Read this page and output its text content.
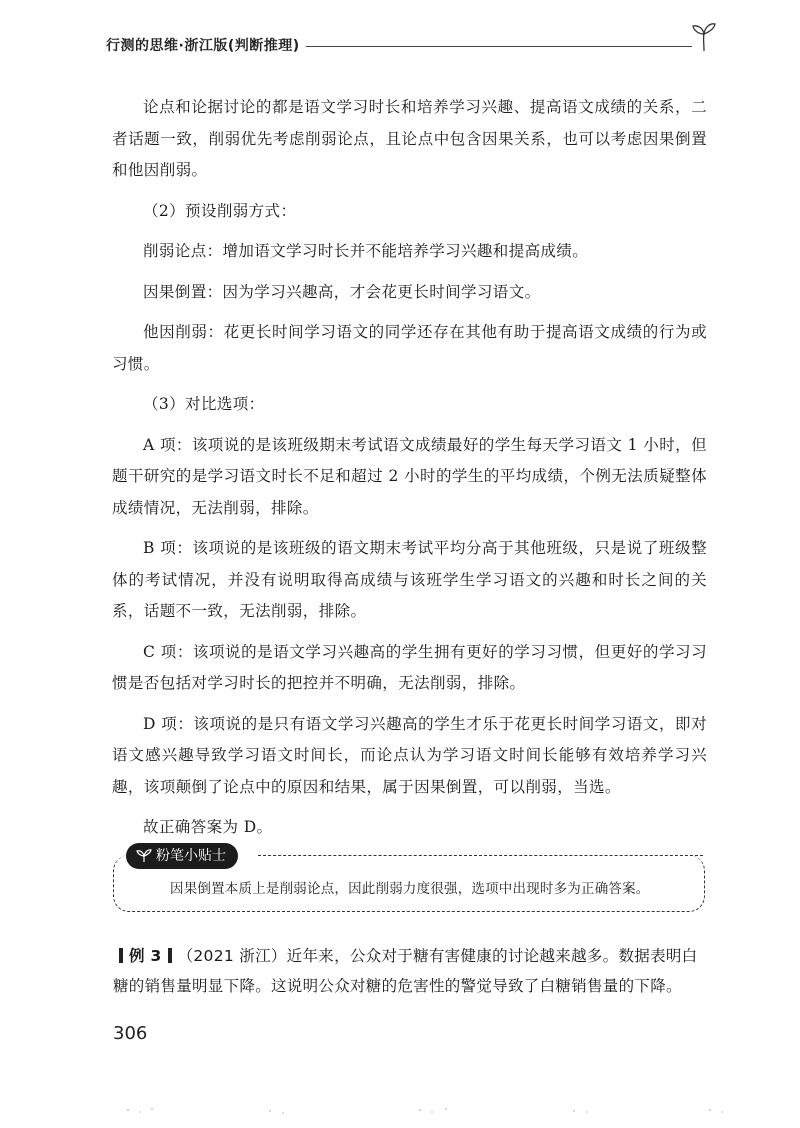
行测的思维·浙江版(判断推理)

论点和论据讨论的都是语文学习时长和培养学习兴趣、提高语文成绩的关系，二者话题一致，削弱优先考虑削弱论点，且论点中包含因果关系，也可以考虑因果倒置和他因削弱。

（2）预设削弱方式：

削弱论点：增加语文学习时长并不能培养学习兴趣和提高成绩。

因果倒置：因为学习兴趣高，才会花更长时间学习语文。

他因削弱：花更长时间学习语文的同学还存在其他有助于提高语文成绩的行为或习惯。

（3）对比选项：

A 项：该项说的是该班级期末考试语文成绩最好的学生每天学习语文 1 小时，但题干研究的是学习语文时长不足和超过 2 小时的学生的平均成绩，个例无法质疑整体成绩情况，无法削弱，排除。

B 项：该项说的是该班级的语文期末考试平均分高于其他班级，只是说了班级整体的考试情况，并没有说明取得高成绩与该班学生学习语文的兴趣和时长之间的关系，话题不一致，无法削弱，排除。

C 项：该项说的是语文学习兴趣高的学生拥有更好的学习习惯，但更好的学习习惯是否包括对学习时长的把控并不明确，无法削弱，排除。

D 项：该项说的是只有语文学习兴趣高的学生才乐于花更长时间学习语文，即对语文感兴趣导致学习语文时间长，而论点认为学习语文时间长能够有效培养学习兴趣，该项颠倒了论点中的原因和结果，属于因果倒置，可以削弱，当选。

故正确答案为 D。

粉笔小贴士
因果倒置本质上是削弱论点，因此削弱力度很强，选项中出现时多为正确答案。
例 3 （2021 浙江）近年来，公众对于糖有害健康的讨论越来越多。数据表明白糖的销售量明显下降。这说明公众对糖的危害性的警觉导致了白糖销售量的下降。
306
